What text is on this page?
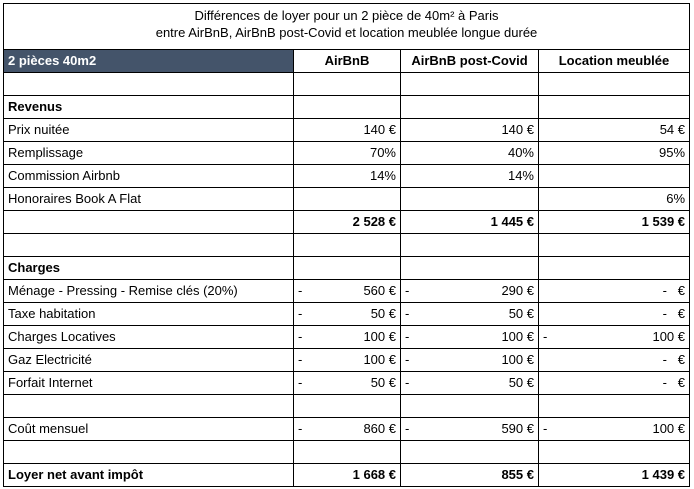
Différences de loyer pour un 2 pièce de 40m² à Paris
entre AirBnB, AirBnB post-Covid et location meublée longue durée			

2 pièces 40m2	AirBnB	AirBnB post-Covid	Location meublée

Revenus			
Prix nuitée	140 €	140 €	54 €
Remplissage	70%	40%	95%
Commission Airbnb	14%	14%	
Honoraires Book A Flat			6%
	2 528 €	1 445 €	1 539 €

Charges			
Ménage - Pressing - Remise clés (20%)	- 560 €	- 290 €	-   €
Taxe habitation	- 50 €	- 50 €	-   €
Charges Locatives	- 100 €	- 100 €	- 100 €

Gaz Electricité	- 100 €	- 100 €	-   €
Forfait Internet	- 50 €	- 50 €	-   €

Coût mensuel	- 860 €	- 590 €	- 100 €

Loyer net avant impôt	1 668 €	855 €	1 439 €
